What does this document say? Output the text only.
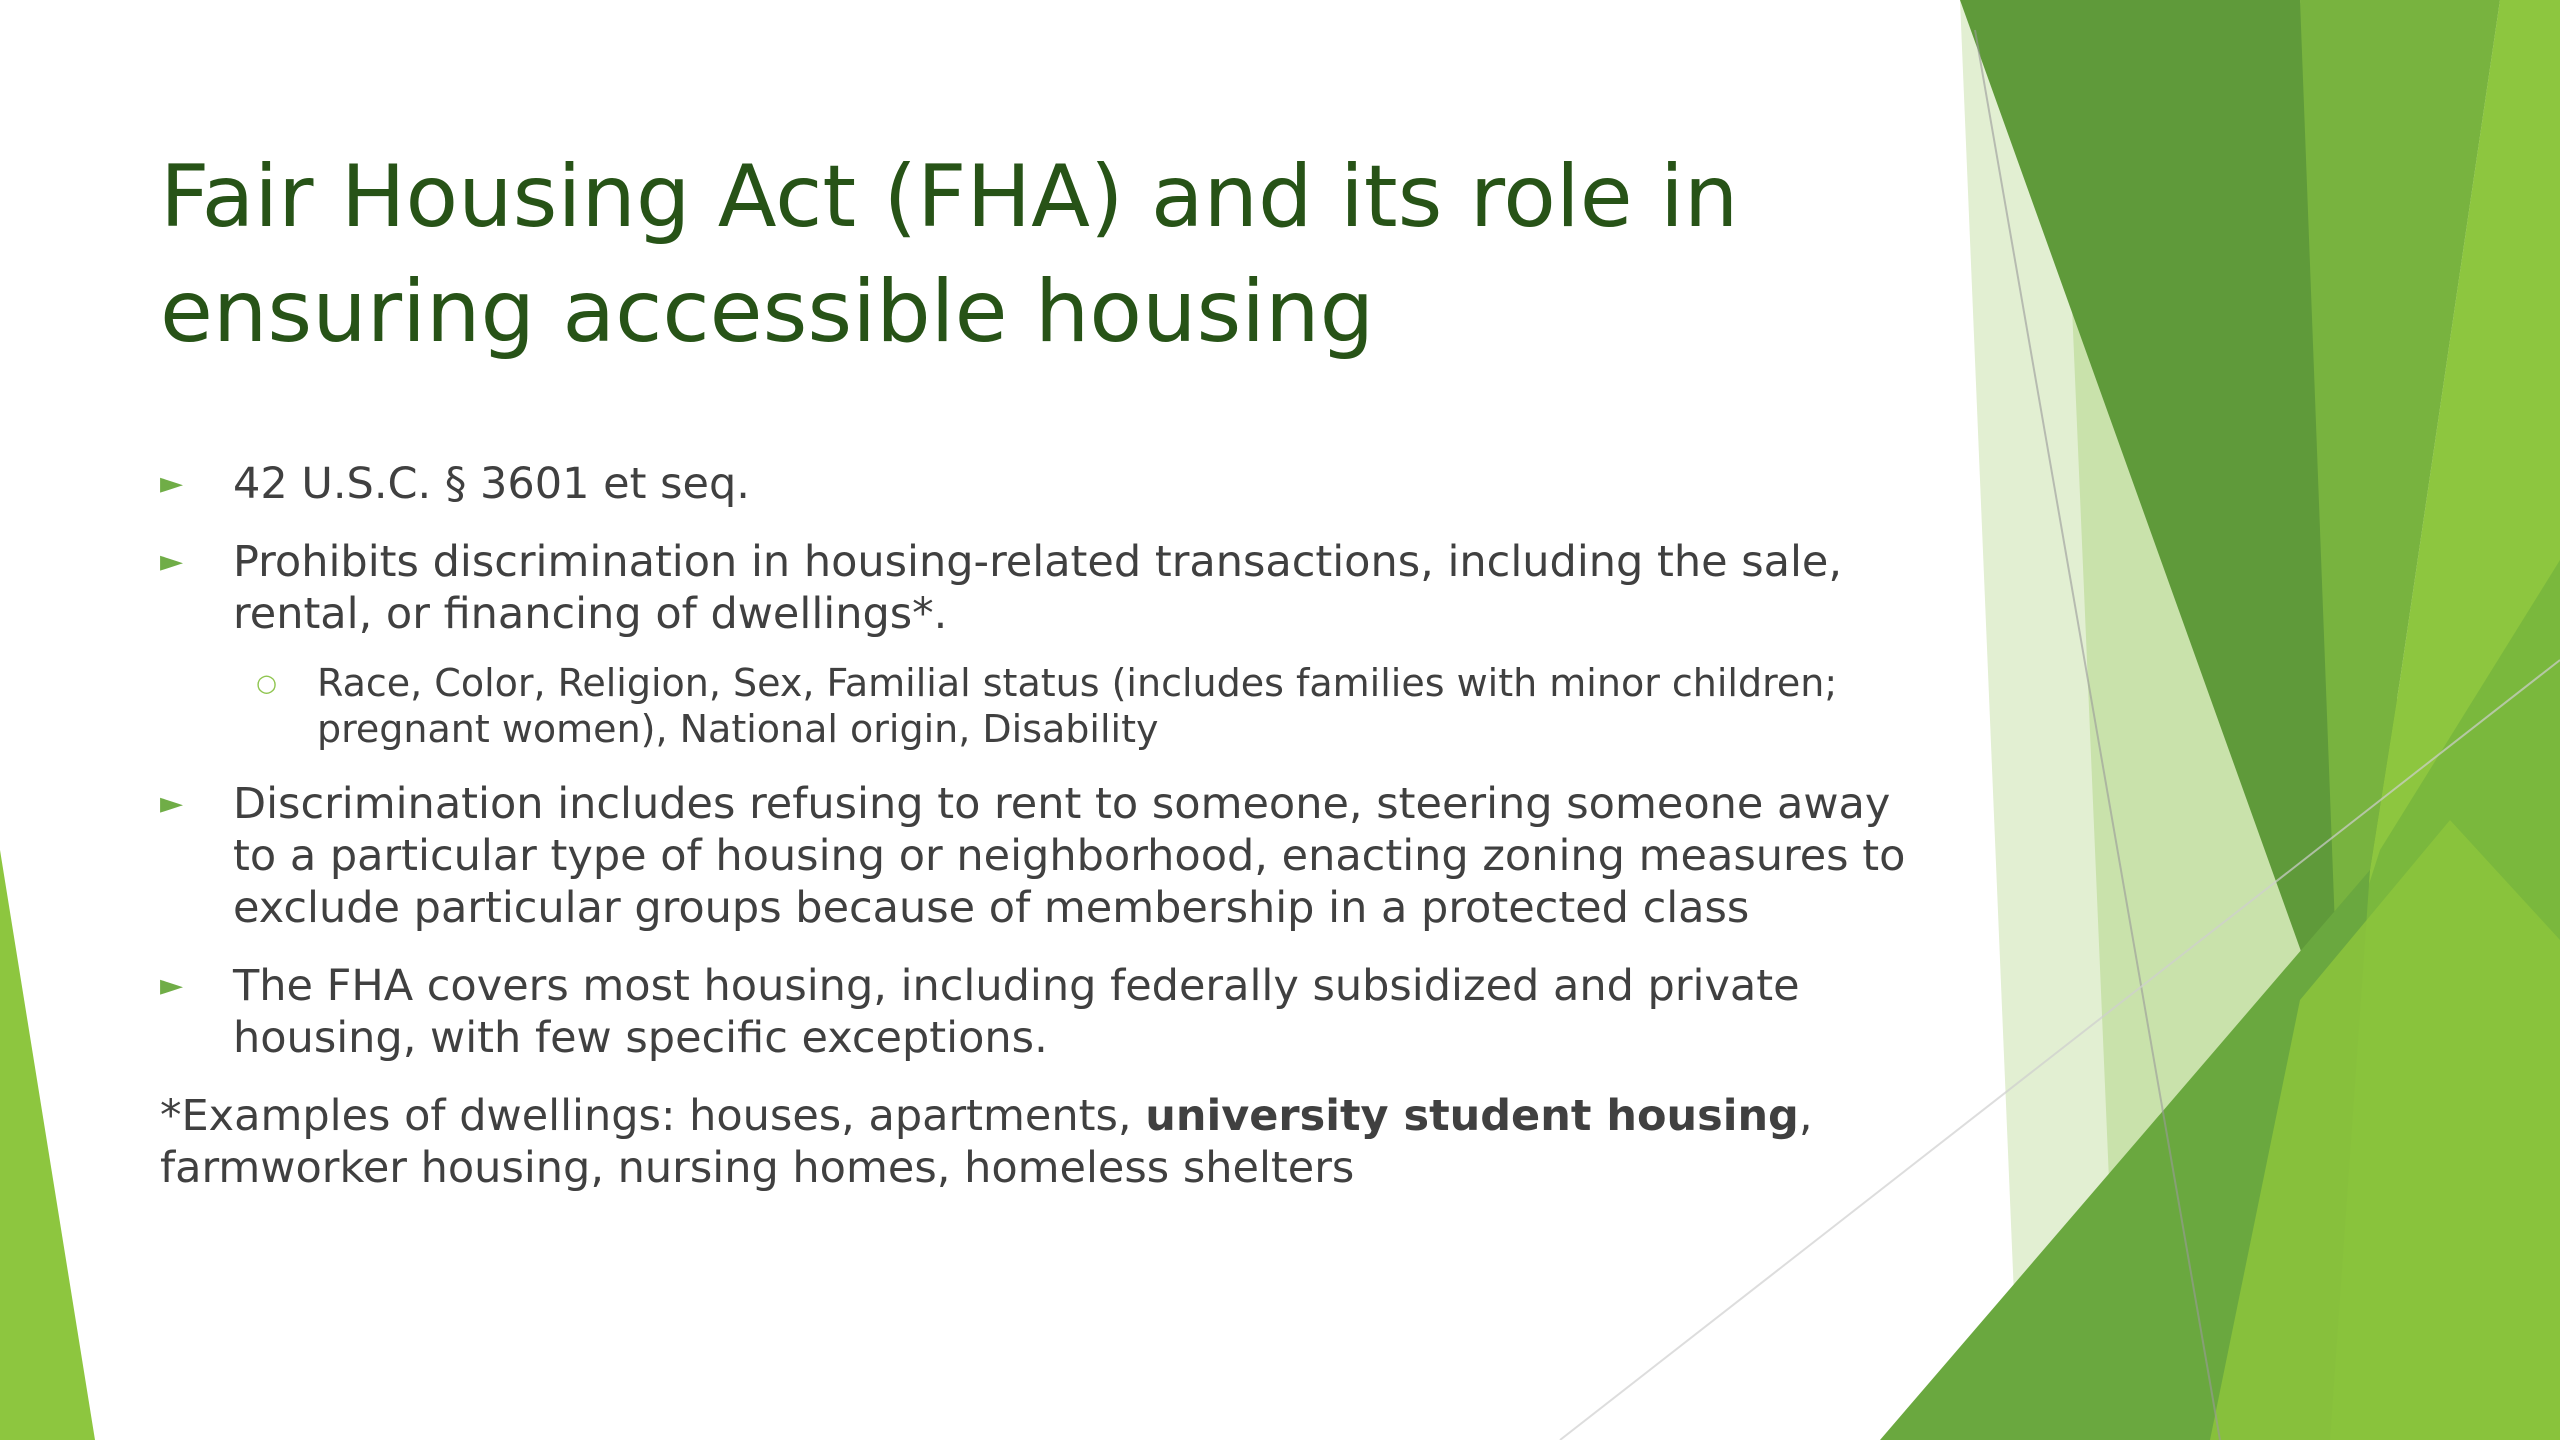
Fair Housing Act (FHA) and its role in ensuring accessible housing
► 42 U.S.C. § 3601 et seq.
► Prohibits discrimination in housing-related transactions, including the sale, rental, or financing of dwellings*.
○ Race, Color, Religion, Sex, Familial status (includes families with minor children; pregnant women), National origin, Disability
► Discrimination includes refusing to rent to someone, steering someone away to a particular type of housing or neighborhood, enacting zoning measures to exclude particular groups because of membership in a protected class
► The FHA covers most housing, including federally subsidized and private housing, with few specific exceptions.
*Examples of dwellings: houses, apartments, university student housing, farmworker housing, nursing homes, homeless shelters
